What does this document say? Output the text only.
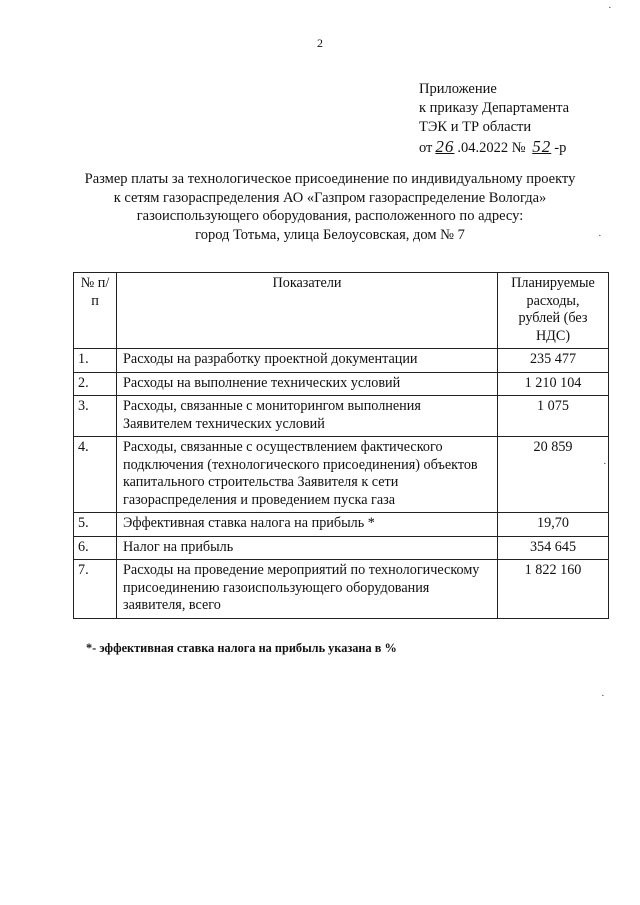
2
Приложение
к приказу Департамента
ТЭК и ТР области
от 26 .04.2022 № 52 -р
Размер платы за технологическое присоединение по индивидуальному проекту
к сетям газораспределения АО «Газпром газораспределение Вологда»
газоиспользующего оборудования, расположенного по адресу:
город Тотьма, улица Белоусовская, дом № 7
№ п/п	Показатели	Планируемые расходы, рублей (без НДС)
1.	Расходы на разработку проектной документации	235 477
2.	Расходы на выполнение технических условий	1 210 104
3.	Расходы, связанные с мониторингом выполнения Заявителем технических условий	1 075
4.	Расходы, связанные с осуществлением фактического подключения (технологического присоединения) объектов капитального строительства Заявителя к сети газораспределения и проведением пуска газа	20 859
5.	Эффективная ставка налога на прибыль *	19,70
6.	Налог на прибыль	354 645
7.	Расходы на проведение мероприятий по технологическому присоединению газоиспользующего оборудования заявителя, всего	1 822 160
*- эффективная ставка налога на прибыль указана в %
·
·
·
·
